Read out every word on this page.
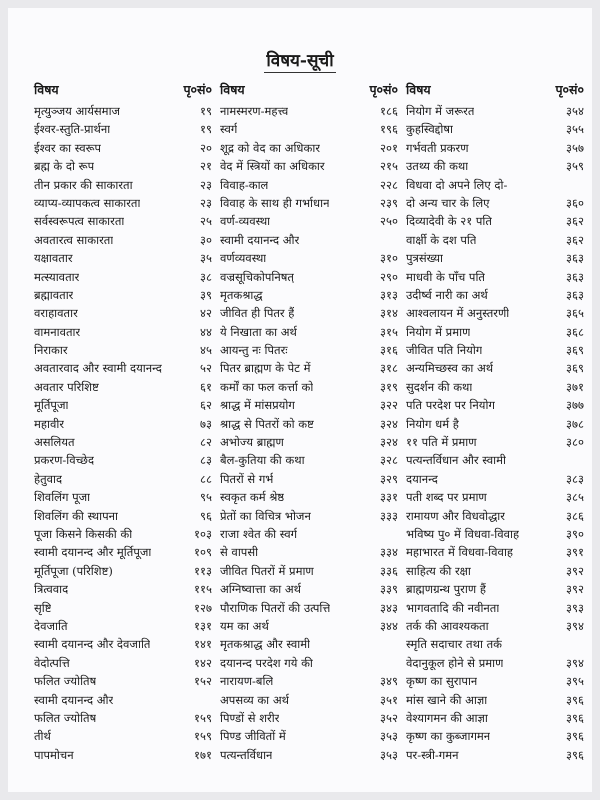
विषय-सूची
विषय	पृ०सं०
मृत्युञ्जय आर्यसमाज	१९
ईश्वर-स्तुति-प्रार्थना	१९
ईश्वर का स्वरूप	२०
ब्रह्म के दो रूप	२१
तीन प्रकार की साकारता	२३
व्याप्य-व्यापकत्व साकारता	२३
सर्वस्वरूपत्व साकारता	२५
अवतारत्व साकारता	३०
यक्षावतार	३५
मत्स्यावतार	३८
ब्रह्मावतार	३९
वराहावतार	४२
वामनावतार	४४
निराकार	४५
अवतारवाद और स्वामी दयानन्द	५२
अवतार परिशिष्ट	६१
मूर्तिपूजा	६२
महावीर	७३
असलियत	८२
प्रकरण-विच्छेद	८३
हेतुवाद	८८
शिवलिंग पूजा	९५
शिवलिंग की स्थापना	९६
पूजा किसने किसकी की	१०३
स्वामी दयानन्द और मूर्तिपूजा	१०९
मूर्तिपूजा (परिशिष्ट)	११३
त्रित्ववाद	११५
सृष्टि	१२७
देवजाति	१३१
स्वामी दयानन्द और देवजाति	१४१
वेदोत्पत्ति	१४२
फलित ज्योतिष	१५२
स्वामी दयानन्द और
फलित ज्योतिष	१५९
तीर्थ	१५९
पापमोचन	१७१
विषय	पृ०सं०
नामस्मरण-महत्त्व	१८६
स्वर्ग	१९६
शूद्र को वेद का अधिकार	२०१
वेद में स्त्रियों का अधिकार	२१५
विवाह-काल	२२८
विवाह के साथ ही गर्भाधान	२३९
वर्ण-व्यवस्था	२५०
स्वामी दयानन्द और
वर्णव्यवस्था	३१०
वज्रसूचिकोपनिषत्	२९०
मृतकश्राद्ध	३१३
जीवित ही पितर हैं	३१४
ये निखाता का अर्थ	३१५
आयन्तु नः पितरः	३१६
पितर ब्राह्मण के पेट में	३१८
कर्मों का फल कर्त्ता को	३१९
श्राद्ध में मांसप्रयोग	३२२
श्राद्ध से पितरों को कष्ट	३२४
अभोज्य ब्राह्मण	३२४
बैल-कुतिया की कथा	३२८
पितरों से गर्भ	३२९
स्वकृत कर्म श्रेष्ठ	३३१
प्रेतों का विचित्र भोजन	३३३
राजा श्वेत की स्वर्ग
से वापसी	३३४
जीवित पितरों में प्रमाण	३३६
अग्निष्वात्ता का अर्थ	३३९
पौराणिक पितरों की उत्पत्ति	३४३
यम का अर्थ	३४४
मृतकश्राद्ध और स्वामी
दयानन्द परदेश गये की
नारायण-बलि	३४९
अपसव्य का अर्थ	३५१
पिण्डों से शरीर	३५२
पिण्ड जीवितों में	३५३
पत्यन्तर्विधान	३५३
विषय	पृ०सं०
नियोग में जरूरत	३५४
कुहस्विद्दोषा	३५५
गर्भवती प्रकरण	३५७
उतथ्य की कथा	३५९
विधवा दो अपने लिए दो-
दो अन्य चार के लिए	३६०
दिव्यादेवी के २१ पति	३६२
वार्क्षी के दश पति	३६२
पुत्रसंख्या	३६३
माधवी के पाँच पति	३६३
उदीर्ष्व नारी का अर्थ	३६३
आश्वलायन में अनुस्तरणी	३६५
नियोग में प्रमाण	३६८
जीवित पति नियोग	३६९
अन्यमिच्छस्व का अर्थ	३६९
सुदर्शन की कथा	३७१
पति परदेश पर नियोग	३७७
नियोग धर्म है	३७८
११ पति में प्रमाण	३८०
पत्यन्तर्विधान और स्वामी
दयानन्द	३८३
पती शब्द पर प्रमाण	३८५
रामायण और विधवोद्धार	३८६
भविष्य पु० में विधवा-विवाह	३९०
महाभारत में विधवा-विवाह	३९१
साहित्य की रक्षा	३९२
ब्राह्मणग्रन्थ पुराण हैं	३९२
भागवतादि की नवीनता	३९३
तर्क की आवश्यकता	३९४
स्मृति सदाचार तथा तर्क
वेदानुकूल होने से प्रमाण	३९४
कृष्ण का सुरापान	३९५
मांस खाने की आज्ञा	३९६
वेश्यागमन की आज्ञा	३९६
कृष्ण का कुब्जागमन	३९६
पर-स्त्री-गमन	३९६
